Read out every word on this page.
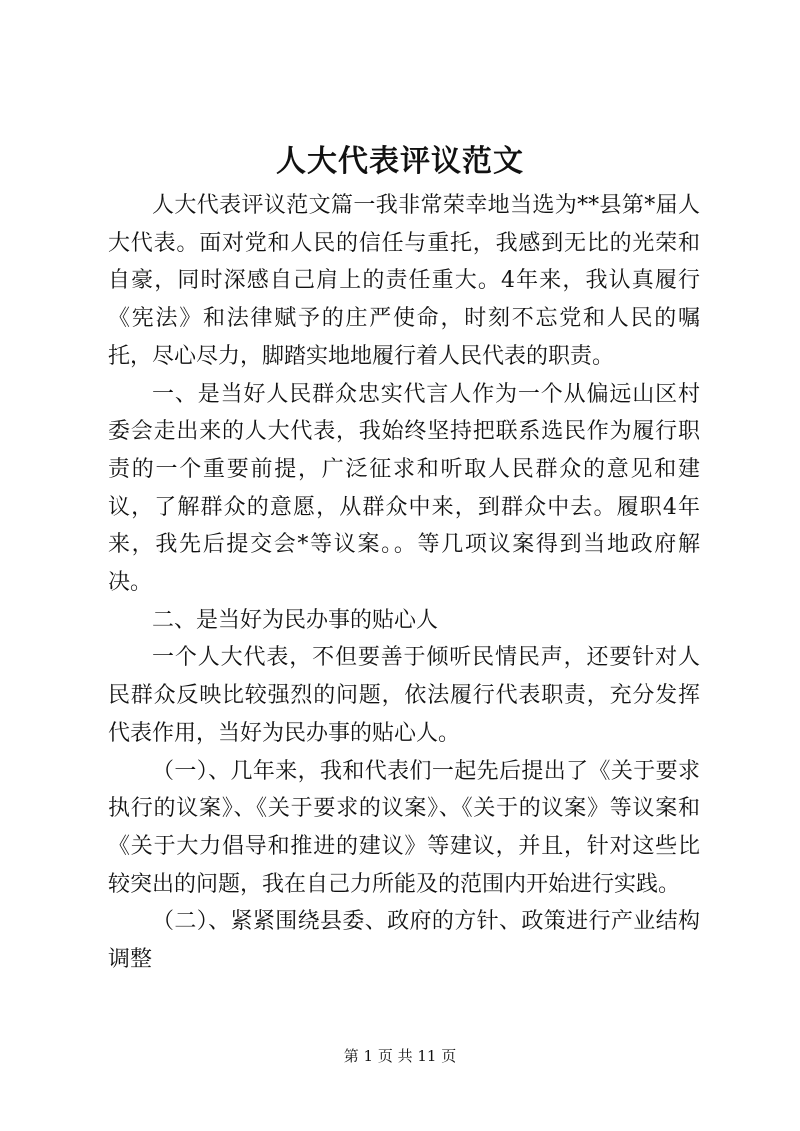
人大代表评议范文

人大代表评议范文篇一我非常荣幸地当选为**县第*届人大代表。面对党和人民的信任与重托，我感到无比的光荣和自豪，同时深感自己肩上的责任重大。4年来，我认真履行《宪法》和法律赋予的庄严使命，时刻不忘党和人民的嘱托，尽心尽力，脚踏实地地履行着人民代表的职责。

一、是当好人民群众忠实代言人作为一个从偏远山区村委会走出来的人大代表，我始终坚持把联系选民作为履行职责的一个重要前提，广泛征求和听取人民群众的意见和建议，了解群众的意愿，从群众中来，到群众中去。履职4年来，我先后提交会*等议案。。等几项议案得到当地政府解决。

二、是当好为民办事的贴心人

一个人大代表，不但要善于倾听民情民声，还要针对人民群众反映比较强烈的问题，依法履行代表职责，充分发挥代表作用，当好为民办事的贴心人。

（一）、几年来，我和代表们一起先后提出了《关于要求执行的议案》、《关于要求的议案》、《关于的议案》等议案和《关于大力倡导和推进的建议》等建议，并且，针对这些比较突出的问题，我在自己力所能及的范围内开始进行实践。

（二）、紧紧围绕县委、政府的方针、政策进行产业结构调整

第 1 页 共 11 页
